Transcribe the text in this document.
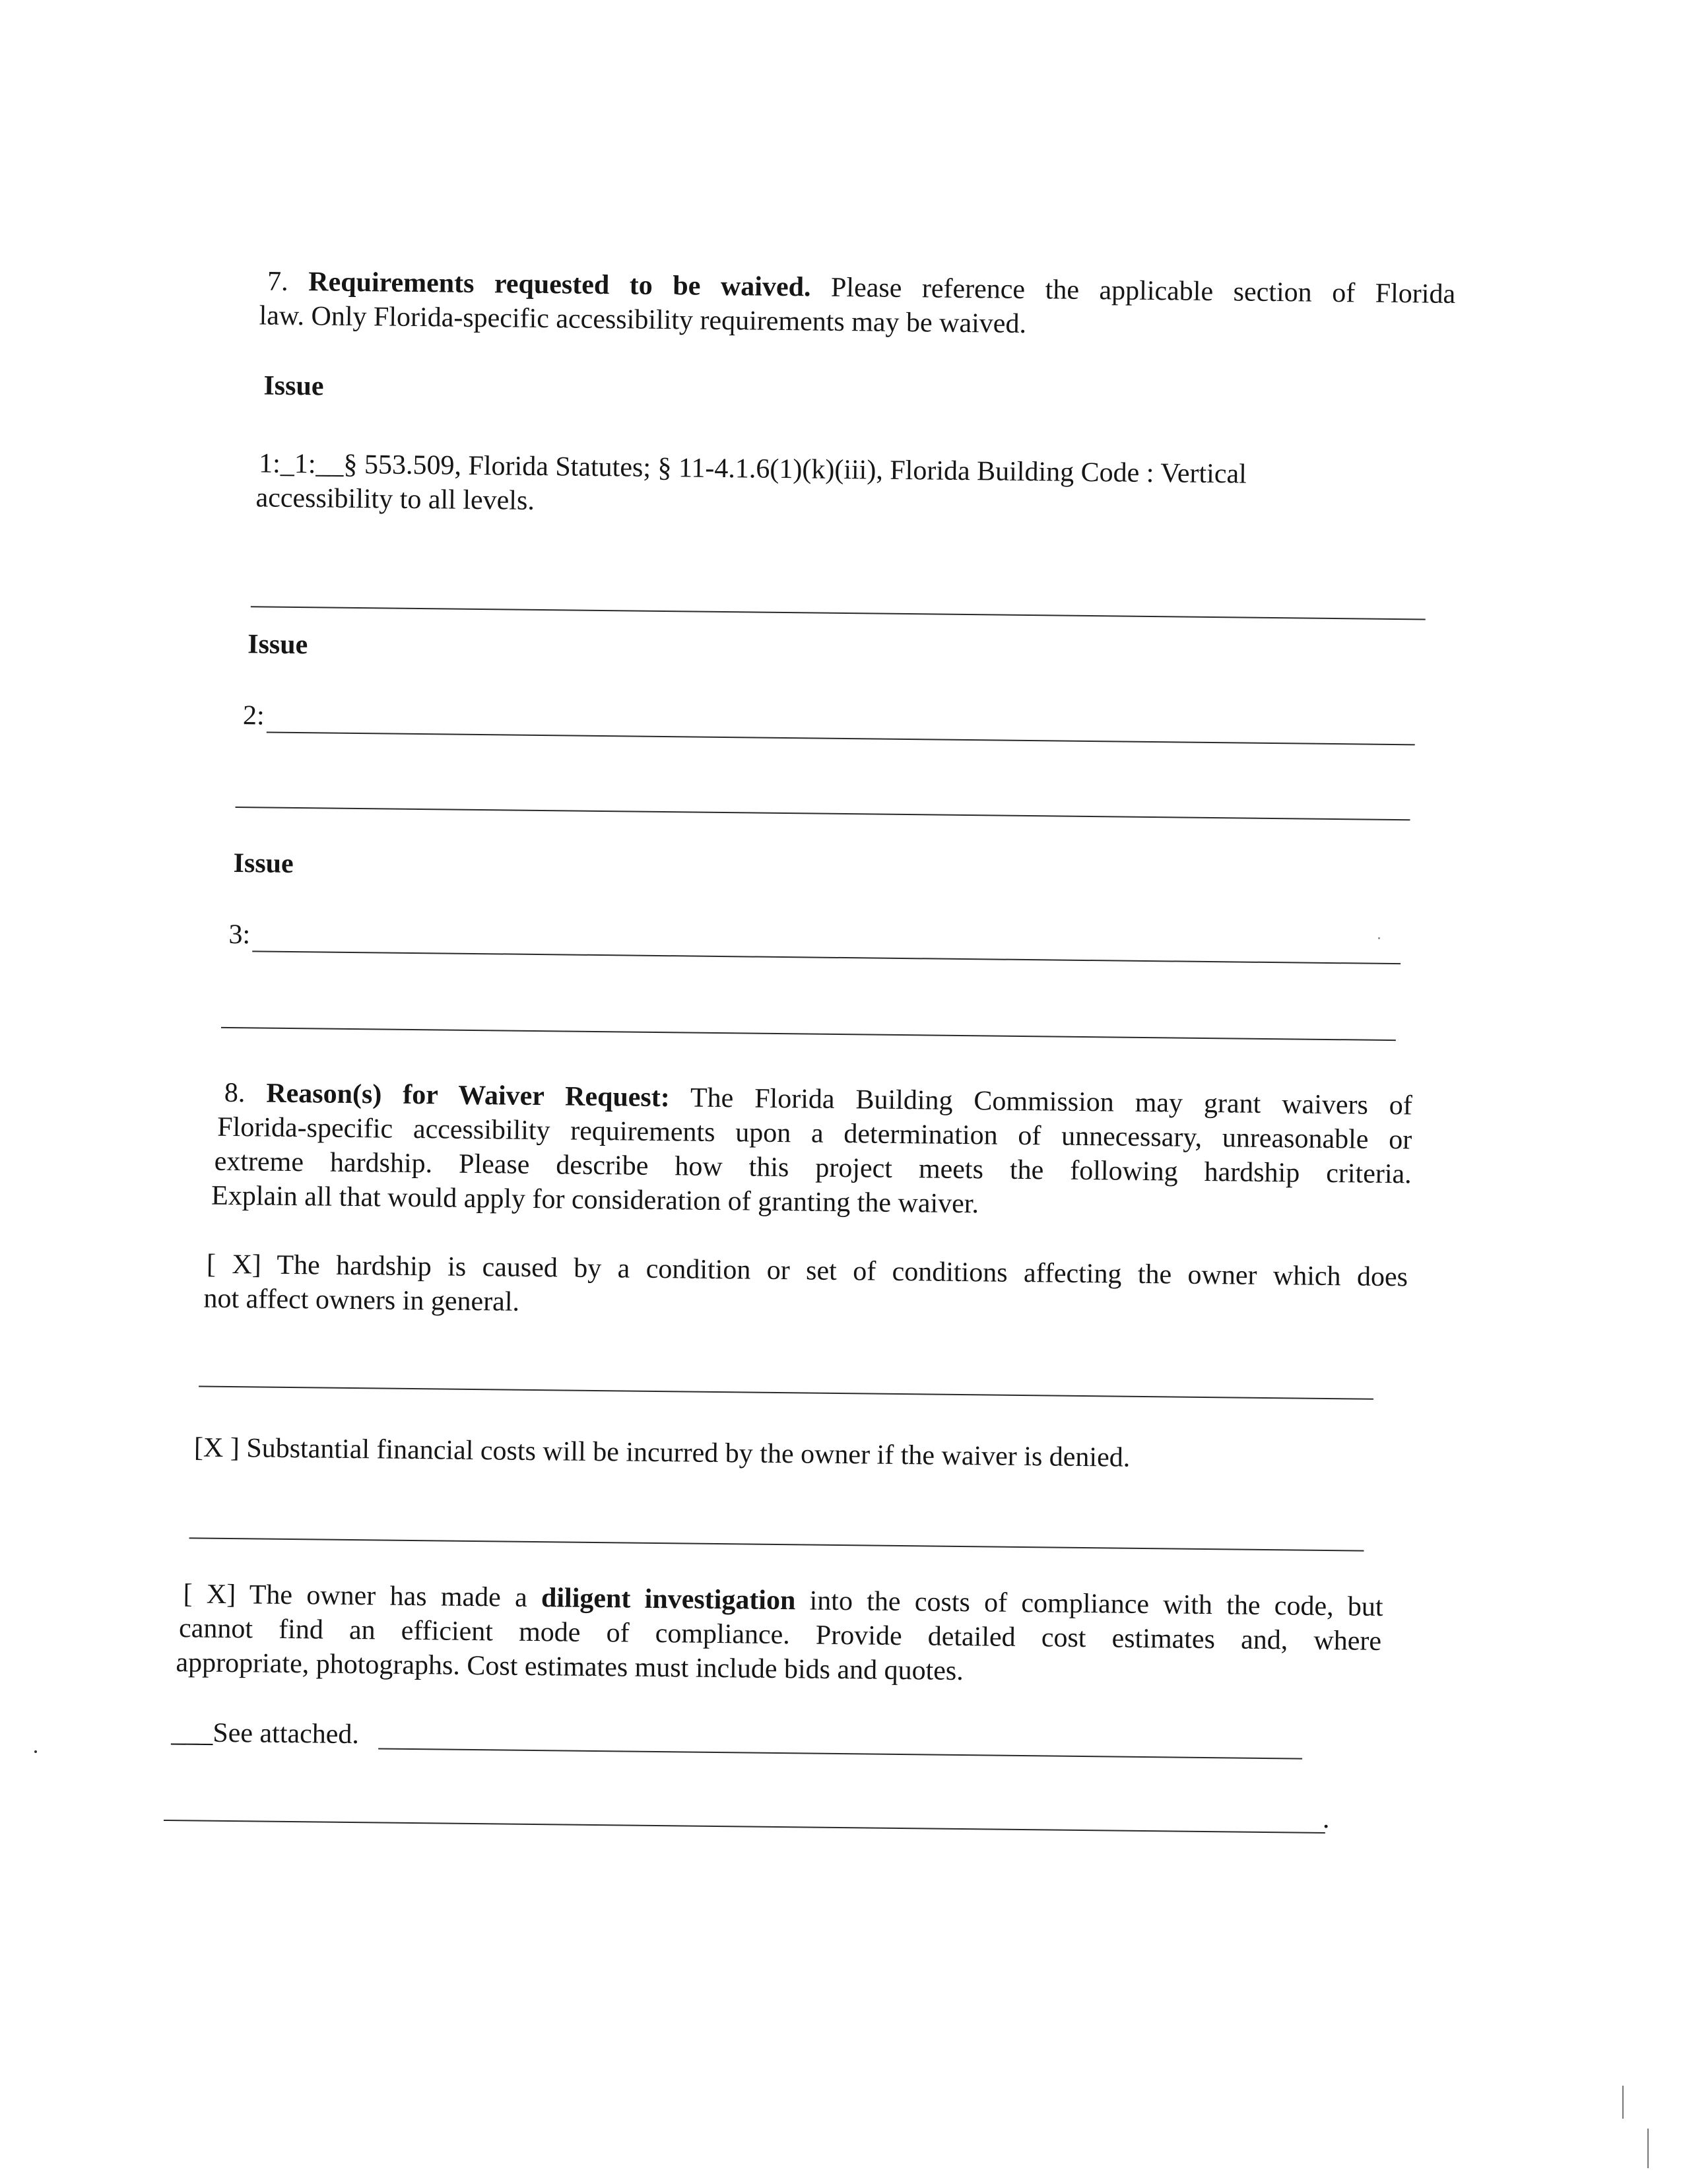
7. Requirements requested to be waived. Please reference the applicable section of Florida
law. Only Florida-specific accessibility requirements may be waived.
Issue
1:_1:__§ 553.509, Florida Statutes; § 11-4.1.6(1)(k)(iii), Florida Building Code : Vertical
accessibility to all levels.
Issue
2:
Issue
3:
8. Reason(s) for Waiver Request: The Florida Building Commission may grant waivers of
Florida-specific accessibility requirements upon a determination of unnecessary, unreasonable or
extreme hardship. Please describe how this project meets the following hardship criteria.
Explain all that would apply for consideration of granting the waiver.
[ X] The hardship is caused by a condition or set of conditions affecting the owner which does
not affect owners in general.
[X ] Substantial financial costs will be incurred by the owner if the waiver is denied.
[ X] The owner has made a diligent investigation into the costs of compliance with the code, but
cannot find an efficient mode of compliance. Provide detailed cost estimates and, where
appropriate, photographs. Cost estimates must include bids and quotes.
___See attached.
.
